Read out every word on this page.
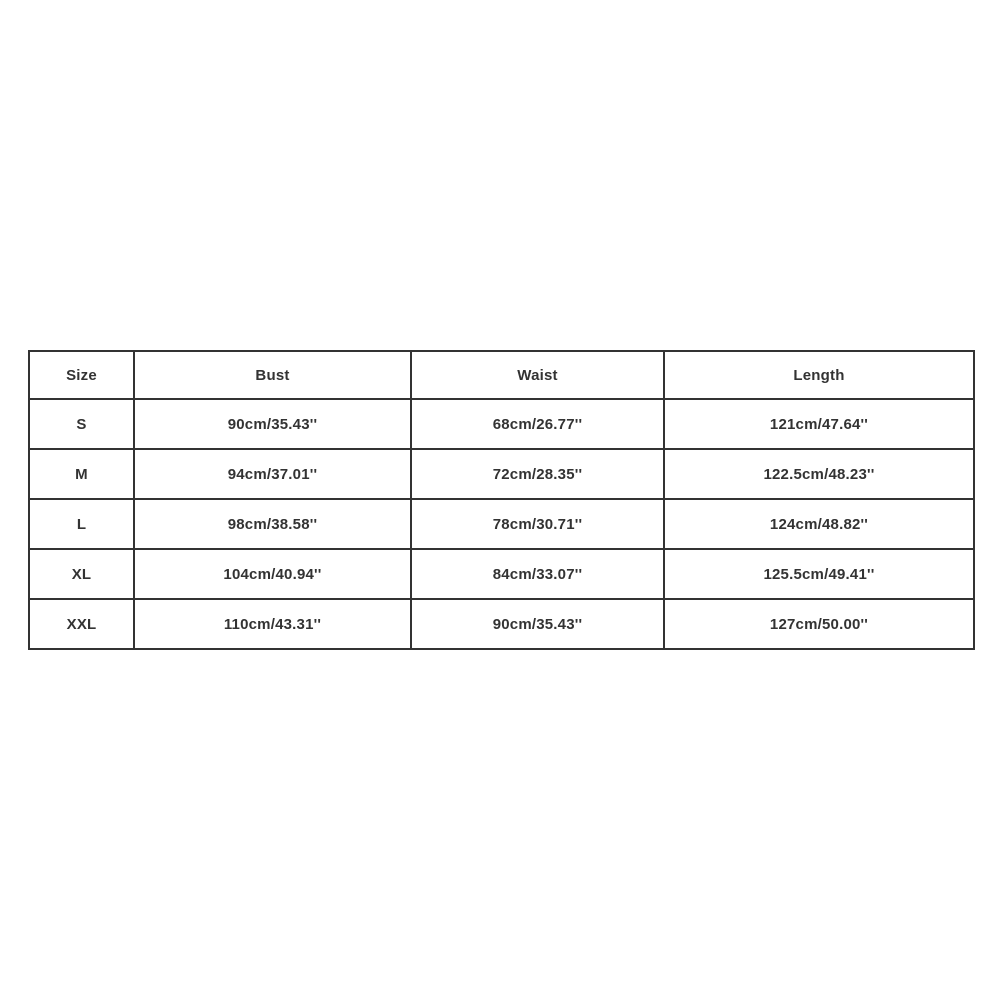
Size	Bust	Waist	Length
S	90cm/35.43''	68cm/26.77''	121cm/47.64''
M	94cm/37.01''	72cm/28.35''	122.5cm/48.23''
L	98cm/38.58''	78cm/30.71''	124cm/48.82''
XL	104cm/40.94''	84cm/33.07''	125.5cm/49.41''
XXL	110cm/43.31''	90cm/35.43''	127cm/50.00''
